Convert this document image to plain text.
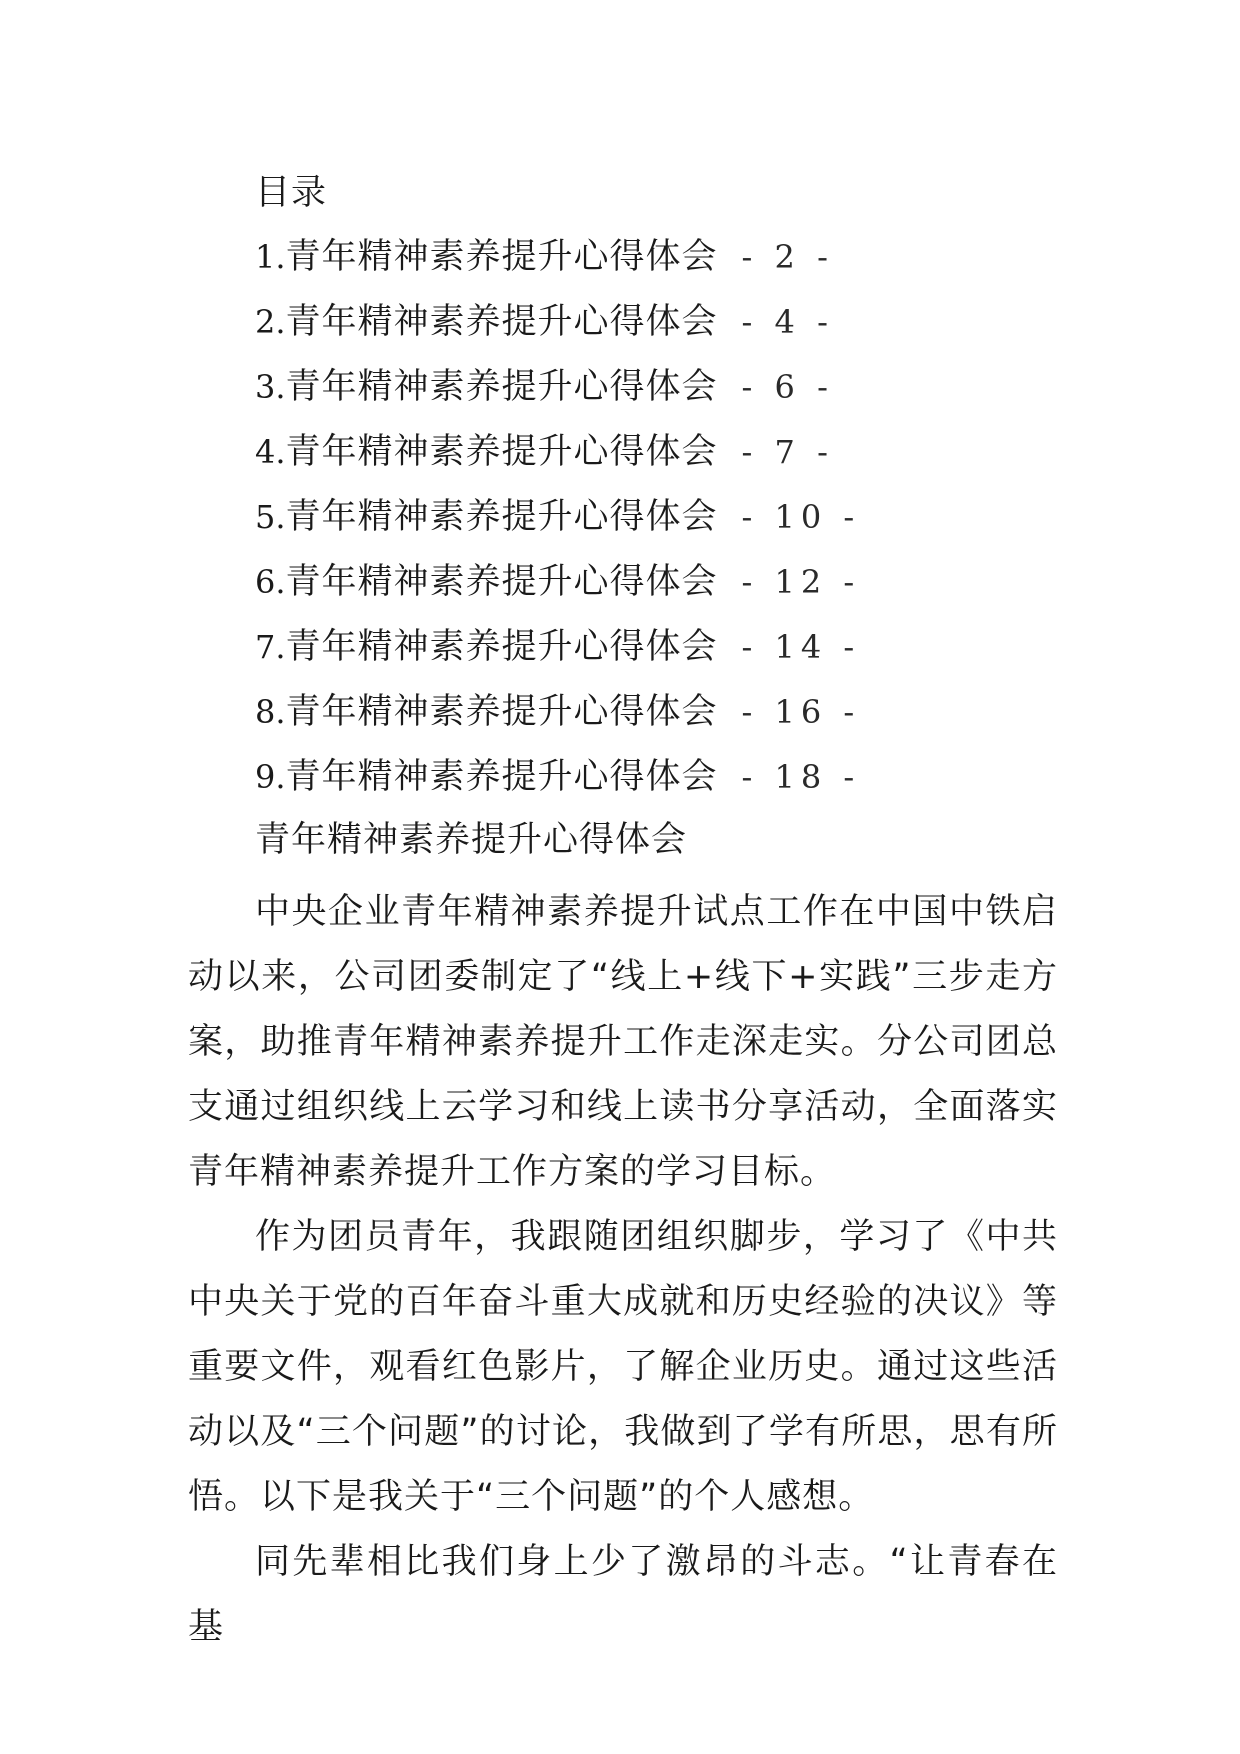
目录
1.青年精神素养提升心得体会 - 2 -
2.青年精神素养提升心得体会 - 4 -
3.青年精神素养提升心得体会 - 6 -
4.青年精神素养提升心得体会 - 7 -
5.青年精神素养提升心得体会 - 10 -
6.青年精神素养提升心得体会 - 12 -
7.青年精神素养提升心得体会 - 14 -
8.青年精神素养提升心得体会 - 16 -
9.青年精神素养提升心得体会 - 18 -
青年精神素养提升心得体会

中央企业青年精神素养提升试点工作在中国中铁启动以来，公司团委制定了“线上+线下+实践”三步走方案，助推青年精神素养提升工作走深走实。分公司团总支通过组织线上云学习和线上读书分享活动，全面落实青年精神素养提升工作方案的学习目标。

作为团员青年，我跟随团组织脚步，学习了《中共中央关于党的百年奋斗重大成就和历史经验的决议》等重要文件，观看红色影片，了解企业历史。通过这些活动以及“三个问题”的讨论，我做到了学有所思，思有所悟。以下是我关于“三个问题”的个人感想。

同先辈相比我们身上少了激昂的斗志。“让青春在基
